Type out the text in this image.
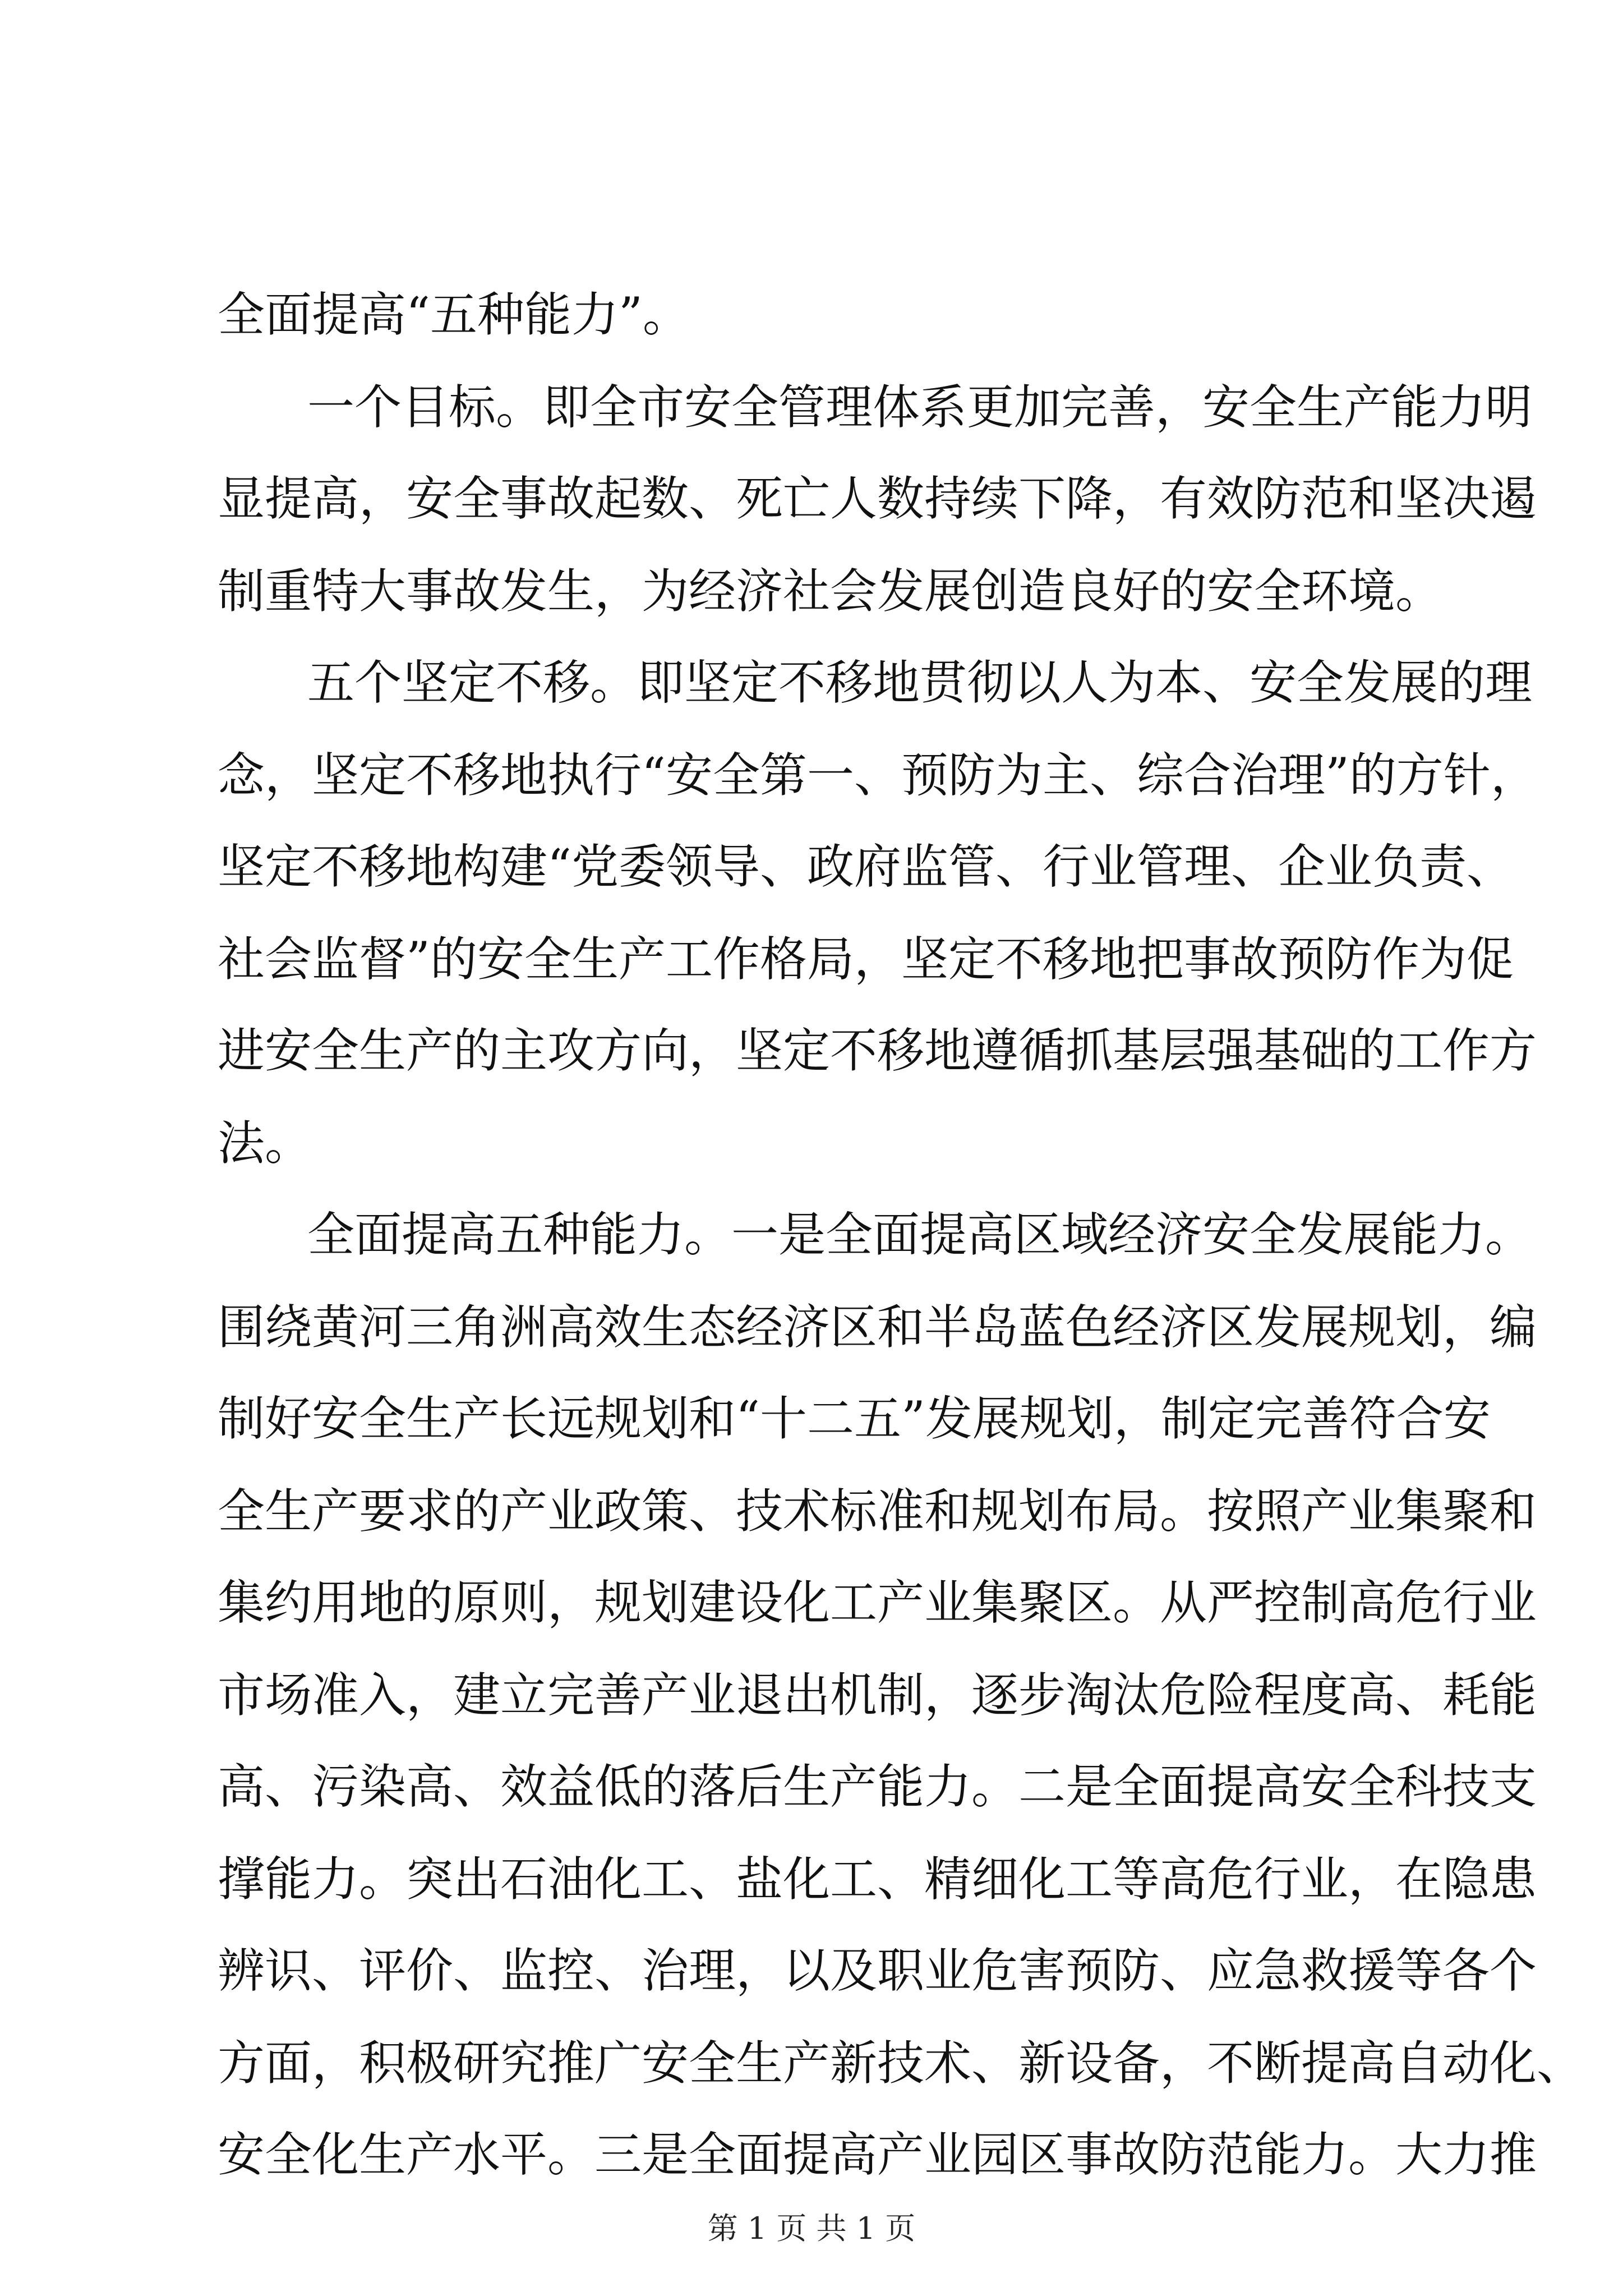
全面提高“五种能力”。
一个目标。即全市安全管理体系更加完善，安全生产能力明
显提高，安全事故起数、死亡人数持续下降，有效防范和坚决遏
制重特大事故发生，为经济社会发展创造良好的安全环境。
五个坚定不移。即坚定不移地贯彻以人为本、安全发展的理
念，坚定不移地执行“安全第一、预防为主、综合治理”的方针，
坚定不移地构建“党委领导、政府监管、行业管理、企业负责、
社会监督”的安全生产工作格局，坚定不移地把事故预防作为促
进安全生产的主攻方向，坚定不移地遵循抓基层强基础的工作方
法。
全面提高五种能力。一是全面提高区域经济安全发展能力。
围绕黄河三角洲高效生态经济区和半岛蓝色经济区发展规划，编
制好安全生产长远规划和“十二五”发展规划，制定完善符合安
全生产要求的产业政策、技术标准和规划布局。按照产业集聚和
集约用地的原则，规划建设化工产业集聚区。从严控制高危行业
市场准入，建立完善产业退出机制，逐步淘汰危险程度高、耗能
高、污染高、效益低的落后生产能力。二是全面提高安全科技支
撑能力。突出石油化工、盐化工、精细化工等高危行业，在隐患
辨识、评价、监控、治理，以及职业危害预防、应急救援等各个
方面，积极研究推广安全生产新技术、新设备，不断提高自动化、
安全化生产水平。三是全面提高产业园区事故防范能力。大力推
第 1 页 共 1 页
